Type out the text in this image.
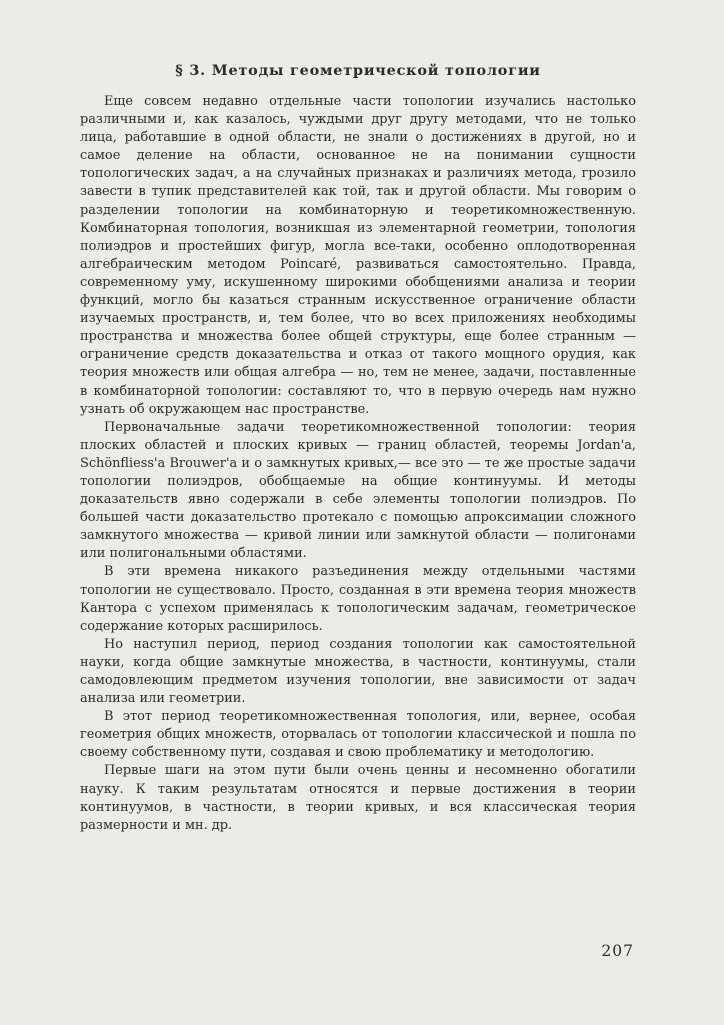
§ 3. Методы геометрической топологии

Еще совсем недавно отдельные части топологии изучались настолько различными и, как казалось, чуждыми друг другу методами, что не только лица, работавшие в одной области, не знали о достижениях в другой, но и самое деление на области, основанное не на понимании сущности топологических задач, а на случайных признаках и различиях метода, грозило завести в тупик представителей как той, так и другой области. Мы говорим о разделении топологии на комбинаторную и теоретикомножественную. Комбинаторная топология, возникшая из элементарной геометрии, топология полиэдров и простейших фигур, могла все-таки, особенно оплодотворенная алгебраическим методом Poincaré, развиваться самостоятельно. Правда, современному уму, искушенному широкими обобщениями анализа и теории функций, могло бы казаться странным искусственное ограничение области изучаемых пространств, и, тем более, что во всех приложениях необходимы пространства и множества более общей структуры, еще более странным — ограничение средств доказательства и отказ от такого мощного орудия, как теория множеств или общая алгебра — но, тем не менее, задачи, поставленные в комбинаторной топологии: составляют то, что в первую очередь нам нужно узнать об окружающем нас пространстве.

Первоначальные задачи теоретикомножественной топологии: теория плоских областей и плоских кривых — границ областей, теоремы Jordan'a, Schönfliess'a Brouwer'a и о замкнутых кривых,— все это — те же простые задачи топологии полиэдров, обобщаемые на общие континуумы. И методы доказательств явно содержали в себе элементы топологии полиэдров. По большей части доказательство протекало с помощью апроксимации сложного замкнутого множества — кривой линии или замкнутой области — полигонами или полигональными областями.

В эти времена никакого разъединения между отдельными частями топологии не существовало. Просто, созданная в эти времена теория множеств Кантора с успехом применялась к топологическим задачам, геометрическое содержание которых расширилось.

Но наступил период, период создания топологии как самостоятельной науки, когда общие замкнутые множества, в частности, континуумы, стали самодовлеющим предметом изучения топологии, вне зависимости от задач анализа или геометрии.

В этот период теоретикомножественная топология, или, вернее, особая геометрия общих множеств, оторвалась от топологии классической и пошла по своему собственному пути, создавая и свою проблематику и методологию.

Первые шаги на этом пути были очень ценны и несомненно обогатили науку. К таким результатам относятся и первые достижения в теории континуумов, в частности, в теории кривых, и вся классическая теория размерности и мн. др.

207
